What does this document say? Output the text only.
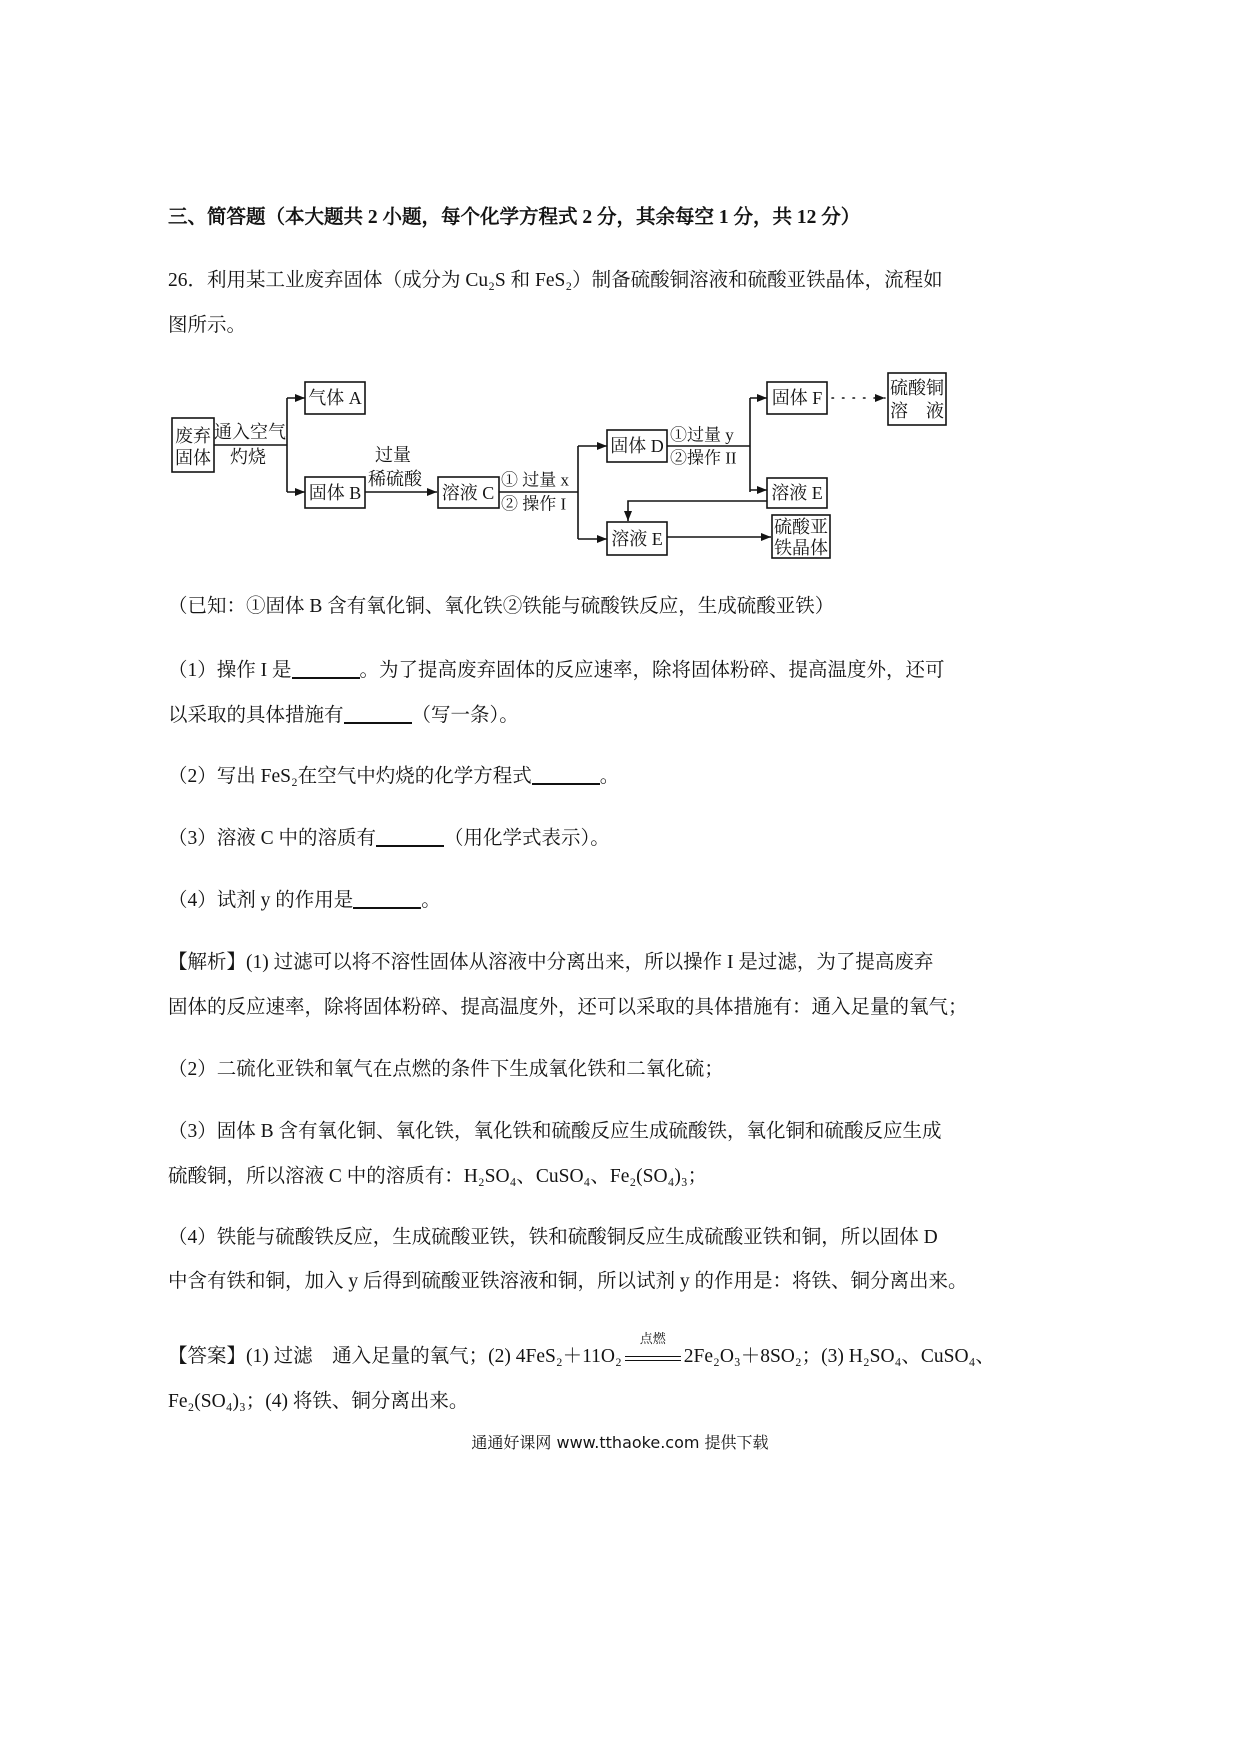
三、简答题（本大题共 2 小题，每个化学方程式 2 分，其余每空 1 分，共 12 分）
26．利用某工业废弃固体（成分为 Cu₂S 和 FeS₂）制备硫酸铜溶液和硫酸亚铁晶体，流程如
图所示。
废弃
固体
通入空气
灼烧
气体 A
固体 B
过量
稀硫酸
溶液 C
① 过量 x
② 操作 I
固体 D
①过量 y
②操作 II
固体 F	硫酸铜
溶　液
溶液 E
溶液 E
硫酸亚
铁晶体
（已知：①固体 B 含有氧化铜、氧化铁②铁能与硫酸铁反应，生成硫酸亚铁）
（1）操作 I 是	。为了提高废弃固体的反应速率，除将固体粉碎、提高温度外，还可
以采取的具体措施有	（写一条）。
（2）写出 FeS₂在空气中灼烧的化学方程式	。
（3）溶液 C 中的溶质有	（用化学式表示）。
（4）试剂 y 的作用是	。
【解析】(1) 过滤可以将不溶性固体从溶液中分离出来，所以操作 I 是过滤，为了提高废弃
固体的反应速率，除将固体粉碎、提高温度外，还可以采取的具体措施有：通入足量的氧气；
（2）二硫化亚铁和氧气在点燃的条件下生成氧化铁和二氧化硫；
（3）固体 B 含有氧化铜、氧化铁，氧化铁和硫酸反应生成硫酸铁，氧化铜和硫酸反应生成
硫酸铜，所以溶液 C 中的溶质有：H₂SO₄、CuSO₄、Fe₂(SO₄)₃；
（4）铁能与硫酸铁反应，生成硫酸亚铁，铁和硫酸铜反应生成硫酸亚铁和铜，所以固体 D
中含有铁和铜，加入 y 后得到硫酸亚铁溶液和铜，所以试剂 y 的作用是：将铁、铜分离出来。
【答案】(1) 过滤　通入足量的氧气；(2) 4FeS₂＋11O₂
点燃
2Fe₂O₃＋8SO₂；(3) H₂SO₄、CuSO₄、
Fe₂(SO₄)₃；(4) 将铁、铜分离出来。
通通好课网 www.tthaoke.com 提供下载
